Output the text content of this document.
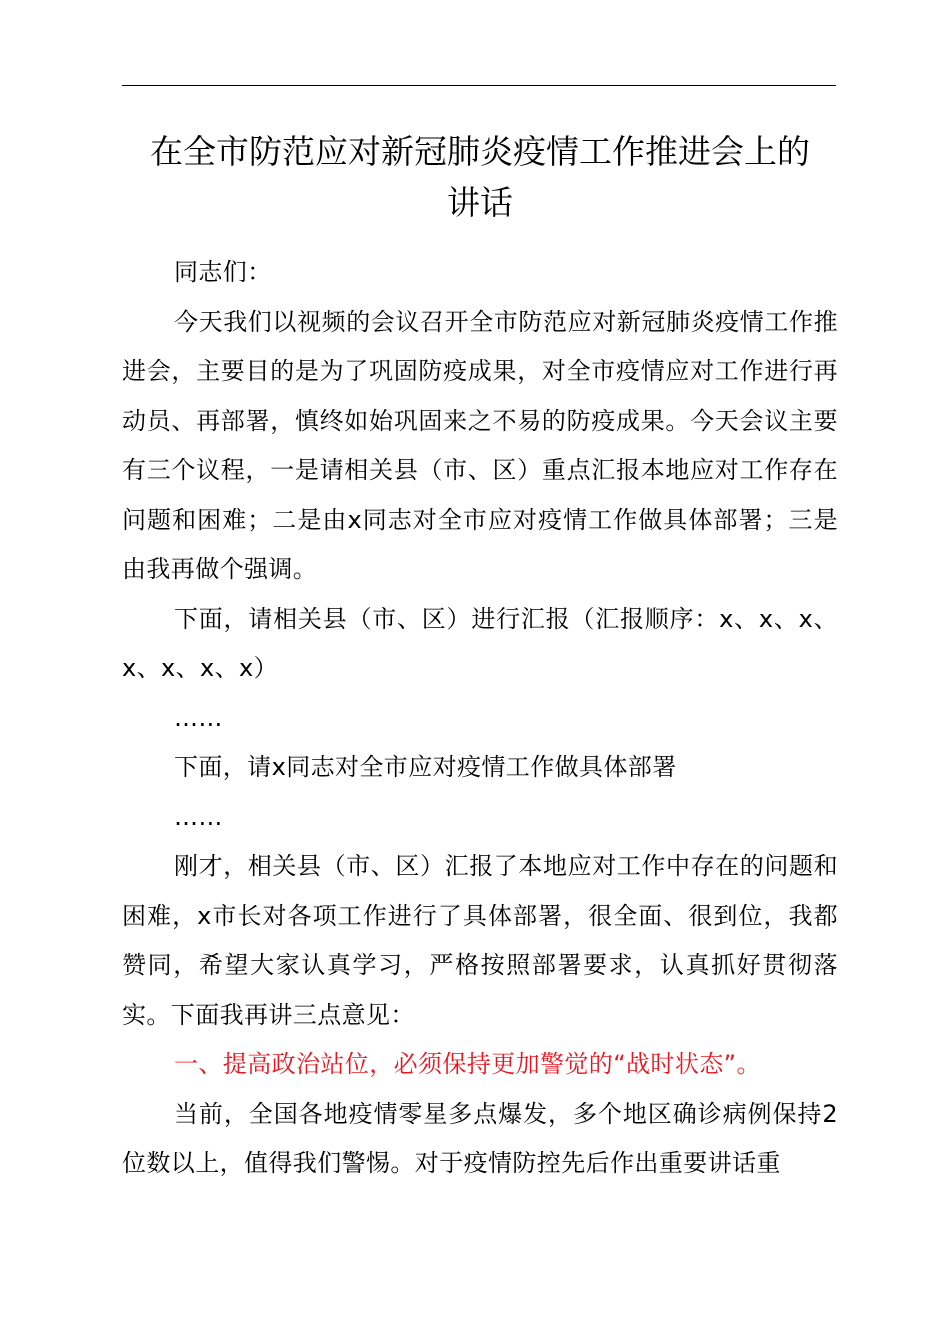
在全市防范应对新冠肺炎疫情工作推进会上的
讲话

同志们：

今天我们以视频的会议召开全市防范应对新冠肺炎疫情工作推进会，主要目的是为了巩固防疫成果，对全市疫情应对工作进行再动员、再部署，慎终如始巩固来之不易的防疫成果。今天会议主要有三个议程，一是请相关县（市、区）重点汇报本地应对工作存在问题和困难；二是由x同志对全市应对疫情工作做具体部署；三是由我再做个强调。

下面，请相关县（市、区）进行汇报（汇报顺序：x、x、x、x、x、x、x）

……

下面，请x同志对全市应对疫情工作做具体部署

……

刚才，相关县（市、区）汇报了本地应对工作中存在的问题和困难，x市长对各项工作进行了具体部署，很全面、很到位，我都赞同，希望大家认真学习，严格按照部署要求，认真抓好贯彻落实。下面我再讲三点意见：

一、提高政治站位，必须保持更加警觉的“战时状态”。

当前，全国各地疫情零星多点爆发，多个地区确诊病例保持2位数以上，值得我们警惕。对于疫情防控先后作出重要讲话重
